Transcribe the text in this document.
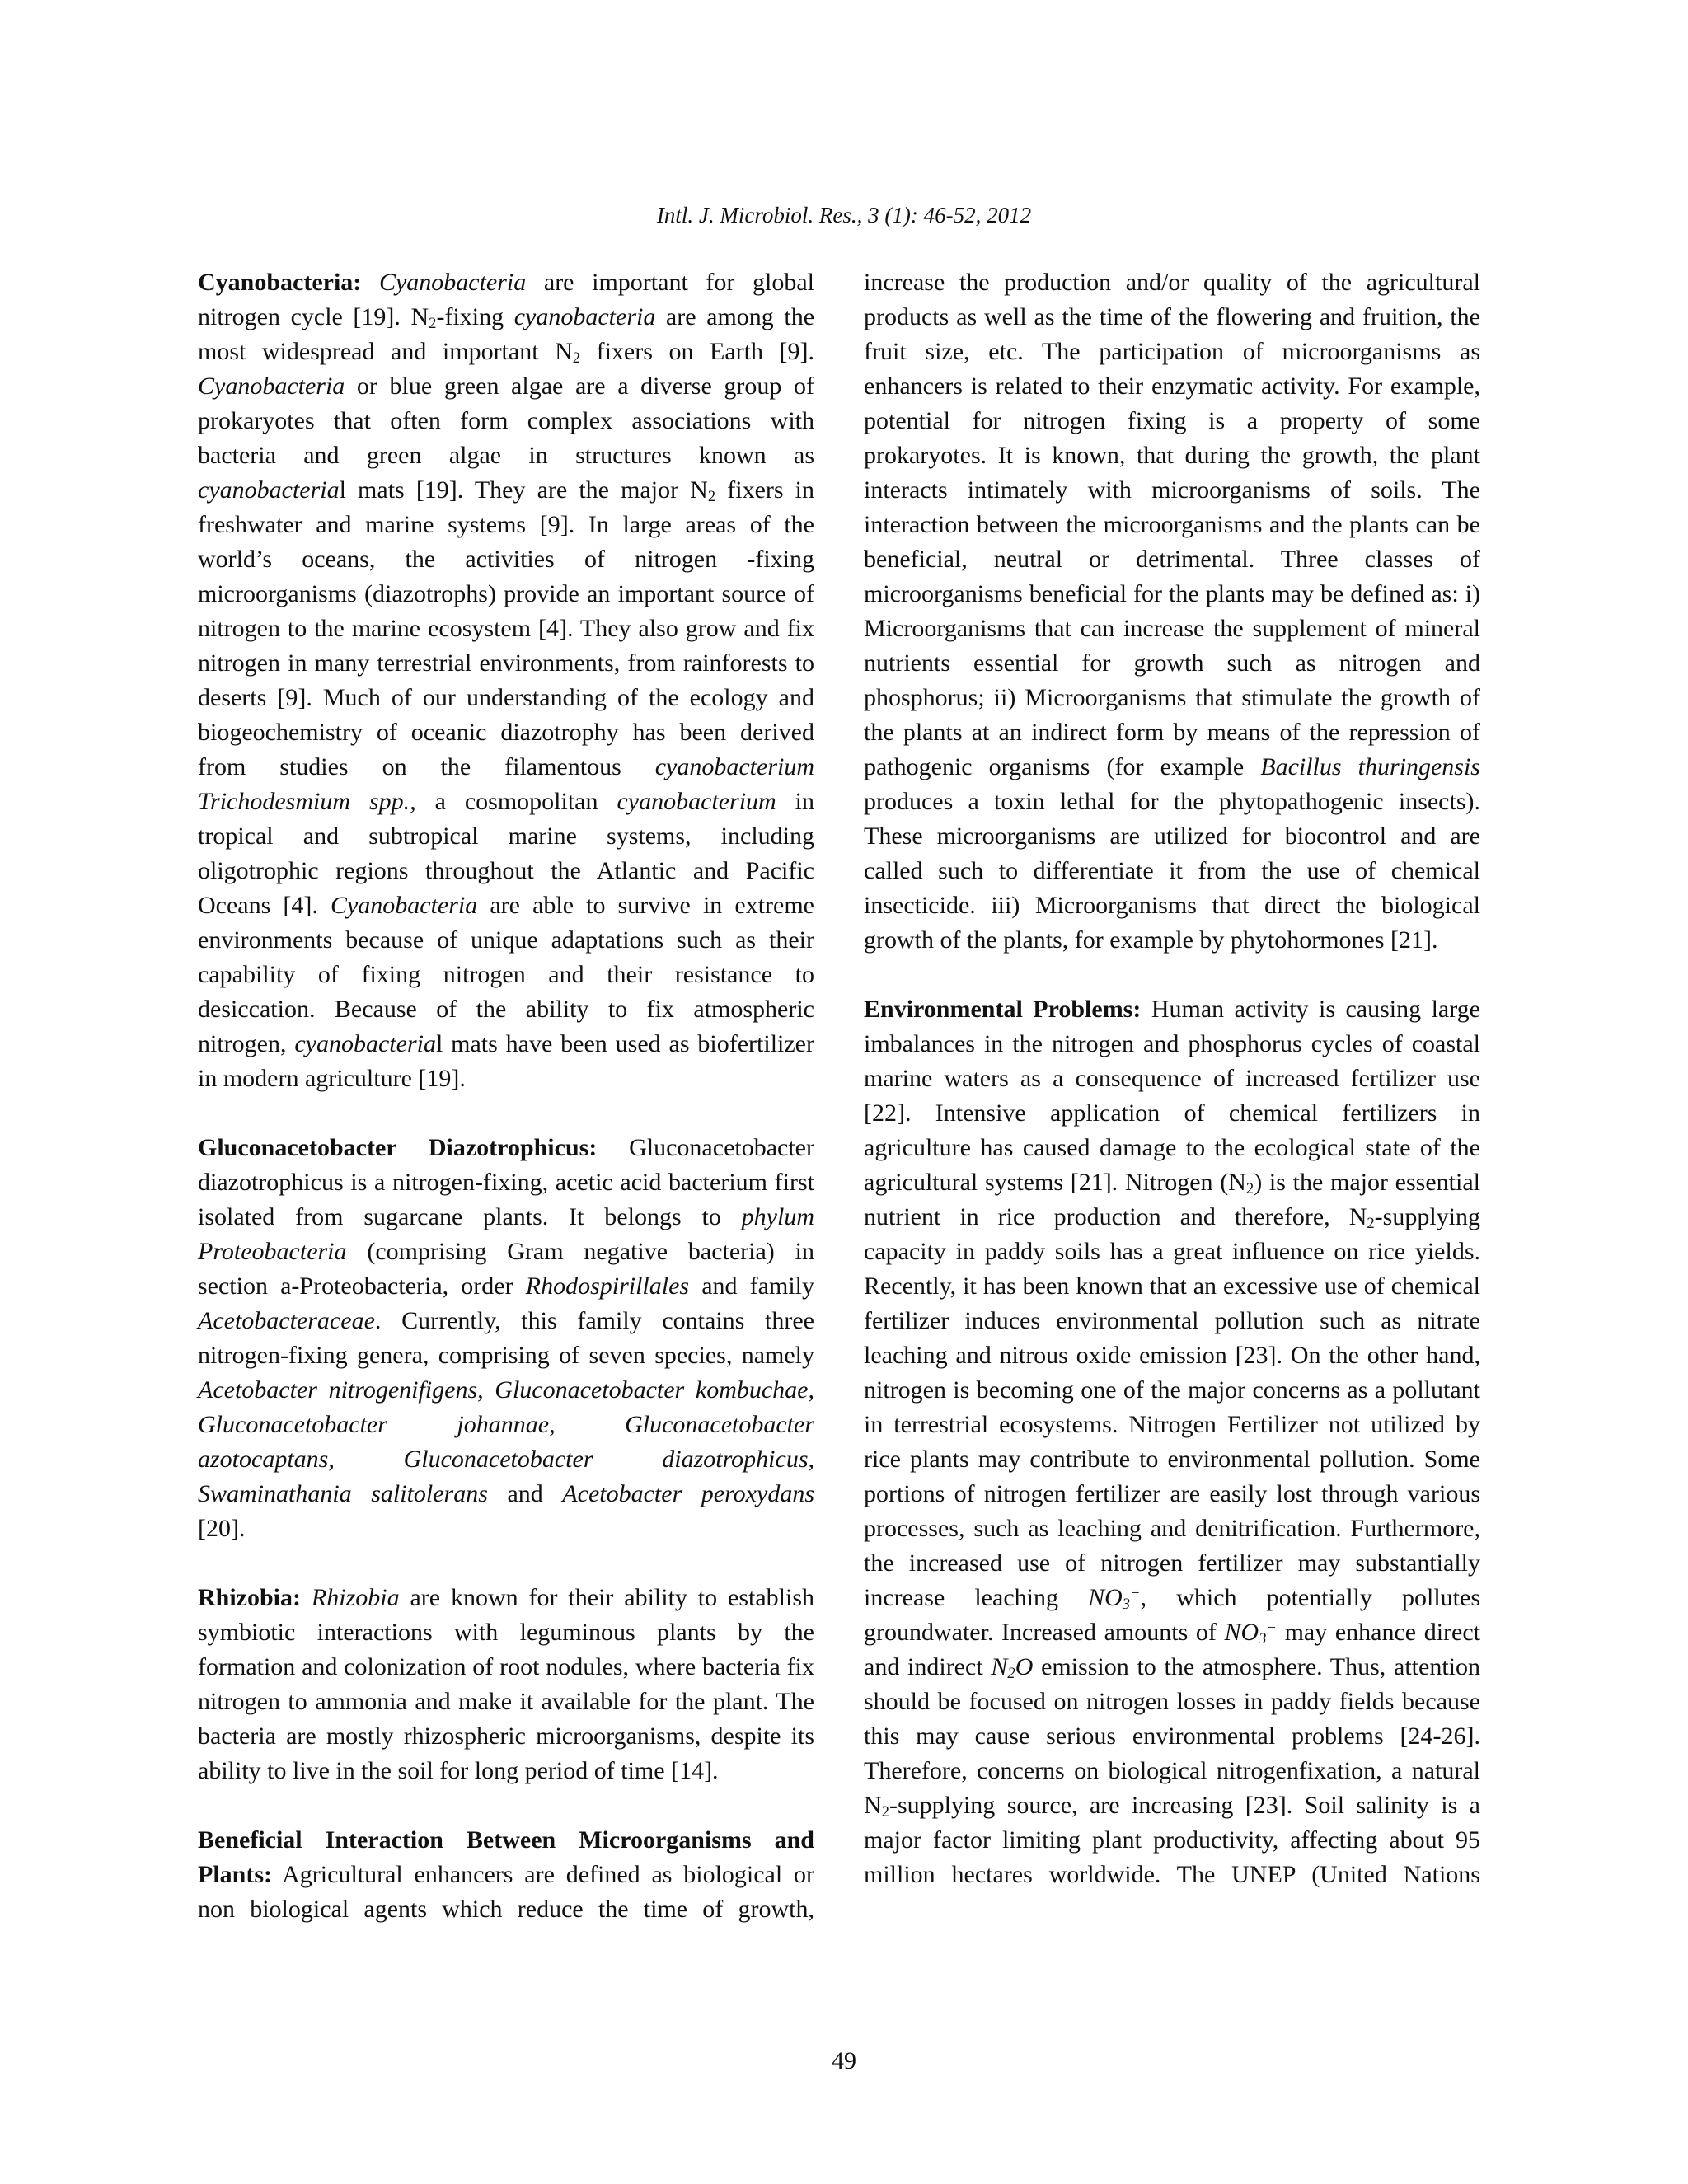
Intl. J. Microbiol. Res., 3 (1): 46-52, 2012

Cyanobacteria: Cyanobacteria are important for global nitrogen cycle [19]. $N_2$-fixing cyanobacteria are among the most widespread and important $N_2$ fixers on Earth [9]. Cyanobacteria or blue green algae are a diverse group of prokaryotes that often form complex associations with bacteria and green algae in structures known as cyanobacterial mats [19]. They are the major $N_2$ fixers in freshwater and marine systems [9]. In large areas of the world’s oceans, the activities of nitrogen -fixing microorganisms (diazotrophs) provide an important source of nitrogen to the marine ecosystem [4]. They also grow and fix nitrogen in many terrestrial environments, from rainforests to deserts [9]. Much of our understanding of the ecology and biogeochemistry of oceanic diazotrophy has been derived from studies on the filamentous cyanobacterium Trichodesmium spp., a cosmopolitan cyanobacterium in tropical and subtropical marine systems, including oligotrophic regions throughout the Atlantic and Pacific Oceans [4]. Cyanobacteria are able to survive in extreme environments because of unique adaptations such as their capability of fixing nitrogen and their resistance to desiccation. Because of the ability to fix atmospheric nitrogen, cyanobacterial mats have been used as biofertilizer in modern agriculture [19].

Gluconacetobacter Diazotrophicus: Gluconacetobacter diazotrophicus is a nitrogen-fixing, acetic acid bacterium first isolated from sugarcane plants. It belongs to phylum Proteobacteria (comprising Gram negative bacteria) in section a-Proteobacteria, order Rhodospirillales and family Acetobacteraceae. Currently, this family contains three nitrogen-fixing genera, comprising of seven species, namely Acetobacter nitrogenifigens, Gluconacetobacter kombuchae, Gluconacetobacter johannae, Gluconacetobacter azotocaptans, Gluconacetobacter diazotrophicus, Swaminathania salitolerans and Acetobacter peroxydans [20].

Rhizobia: Rhizobia are known for their ability to establish symbiotic interactions with leguminous plants by the formation and colonization of root nodules, where bacteria fix nitrogen to ammonia and make it available for the plant. The bacteria are mostly rhizospheric microorganisms, despite its ability to live in the soil for long period of time [14].

Beneficial Interaction Between Microorganisms and Plants: Agricultural enhancers are defined as biological or non biological agents which reduce the time of growth,

increase the production and/or quality of the agricultural products as well as the time of the flowering and fruition, the fruit size, etc. The participation of microorganisms as enhancers is related to their enzymatic activity. For example, potential for nitrogen fixing is a property of some prokaryotes. It is known, that during the growth, the plant interacts intimately with microorganisms of soils. The interaction between the microorganisms and the plants can be beneficial, neutral or detrimental. Three classes of microorganisms beneficial for the plants may be defined as: i) Microorganisms that can increase the supplement of mineral nutrients essential for growth such as nitrogen and phosphorus; ii) Microorganisms that stimulate the growth of the plants at an indirect form by means of the repression of pathogenic organisms (for example Bacillus thuringensis produces a toxin lethal for the phytopathogenic insects). These microorganisms are utilized for biocontrol and are called such to differentiate it from the use of chemical insecticide. iii) Microorganisms that direct the biological growth of the plants, for example by phytohormones [21].

Environmental Problems: Human activity is causing large imbalances in the nitrogen and phosphorus cycles of coastal marine waters as a consequence of increased fertilizer use [22]. Intensive application of chemical fertilizers in agriculture has caused damage to the ecological state of the agricultural systems [21]. Nitrogen $(N_2)$ is the major essential nutrient in rice production and therefore, $N_2$-supplying capacity in paddy soils has a great influence on rice yields. Recently, it has been known that an excessive use of chemical fertilizer induces environmental pollution such as nitrate leaching and nitrous oxide emission [23]. On the other hand, nitrogen is becoming one of the major concerns as a pollutant in terrestrial ecosystems. Nitrogen Fertilizer not utilized by rice plants may contribute to environmental pollution. Some portions of nitrogen fertilizer are easily lost through various processes, such as leaching and denitrification. Furthermore, the increased use of nitrogen fertilizer may substantially increase leaching $NO_3^-$, which potentially pollutes groundwater. Increased amounts of $NO_3^-$ may enhance direct and indirect $N_2O$ emission to the atmosphere. Thus, attention should be focused on nitrogen losses in paddy fields because this may cause serious environmental problems [24-26]. Therefore, concerns on biological nitrogenfixation, a natural $N_2$-supplying source, are increasing [23]. Soil salinity is a major factor limiting plant productivity, affecting about 95 million hectares worldwide. The UNEP (United Nations

49
